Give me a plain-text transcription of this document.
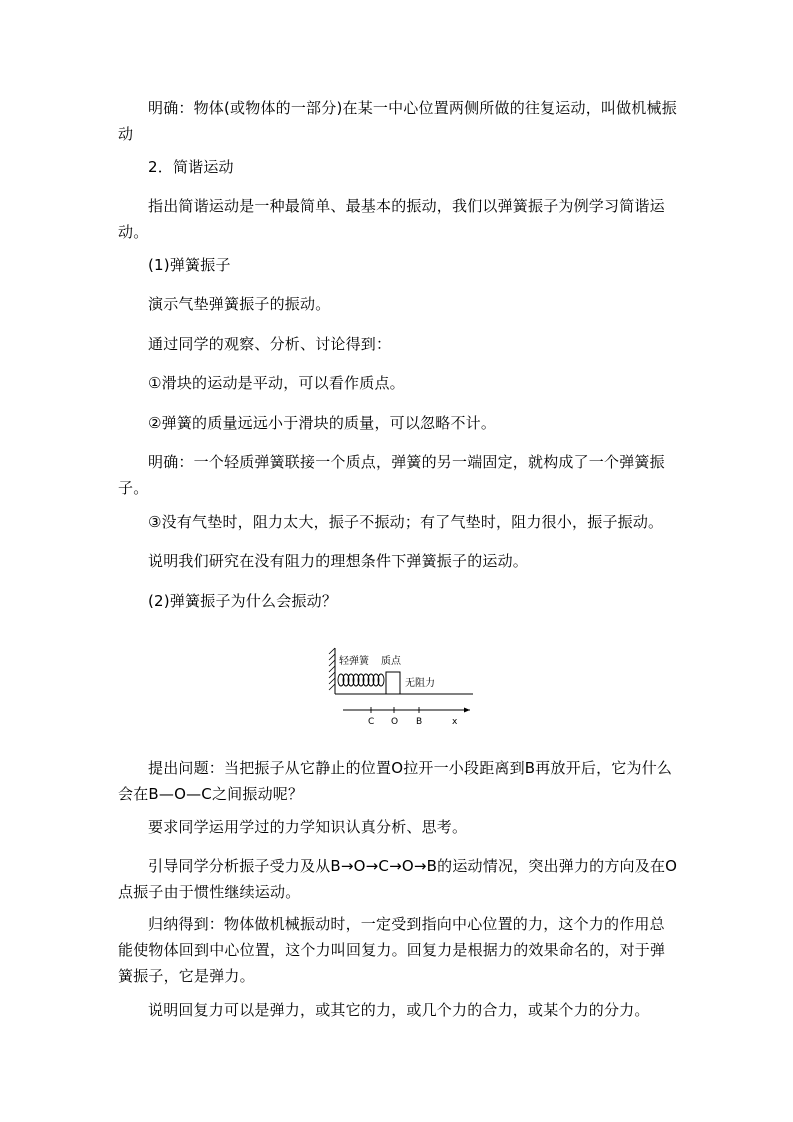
明确：物体(或物体的一部分)在某一中心位置两侧所做的往复运动，叫做机械振动

2．简谐运动

指出简谐运动是一种最简单、最基本的振动，我们以弹簧振子为例学习简谐运动。

(1)弹簧振子

演示气垫弹簧振子的振动。

通过同学的观察、分析、讨论得到：

①滑块的运动是平动，可以看作质点。

②弹簧的质量远远小于滑块的质量，可以忽略不计。

明确：一个轻质弹簧联接一个质点，弹簧的另一端固定，就构成了一个弹簧振子。

③没有气垫时，阻力太大，振子不振动；有了气垫时，阻力很小，振子振动。

说明我们研究在没有阻力的理想条件下弹簧振子的运动。

(2)弹簧振子为什么会振动？

轻弹簧 质点
无阻力
C O B	x

提出问题：当把振子从它静止的位置O拉开一小段距离到B再放开后，它为什么会在B—O—C之间振动呢？

要求同学运用学过的力学知识认真分析、思考。

引导同学分析振子受力及从B→O→C→O→B的运动情况，突出弹力的方向及在O点振子由于惯性继续运动。

归纳得到：物体做机械振动时，一定受到指向中心位置的力，这个力的作用总能使物体回到中心位置，这个力叫回复力。回复力是根据力的效果命名的，对于弹簧振子，它是弹力。

说明回复力可以是弹力，或其它的力，或几个力的合力，或某个力的分力。
